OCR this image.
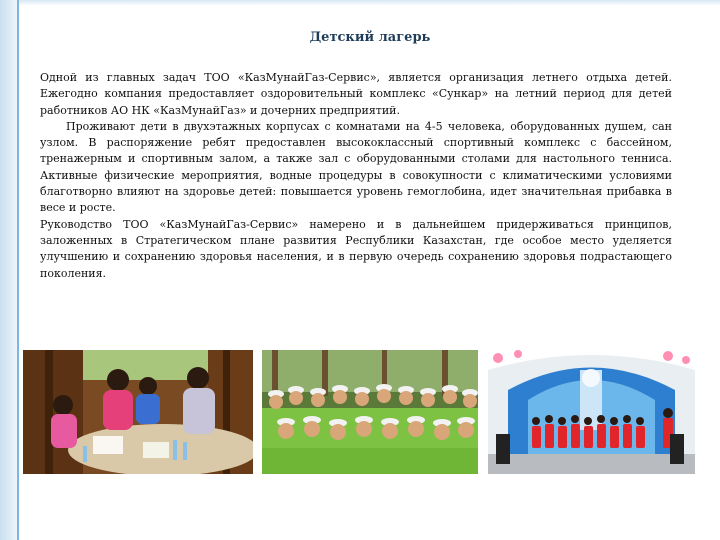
Детский лагерь

Одной из главных задач ТОО «КазМунайГаз-Сервис», является организация летнего отдыха детей. Ежегодно компания предоставляет оздоровительный комплекс «Сункар» на летний период для детей работников АО НК «КазМунайГаз» и дочерних предприятий.

Проживают дети в двухэтажных корпусах с комнатами на 4-5 человека, оборудованных душем, сан узлом. В распоряжение ребят предоставлен высококлассный спортивный комплекс с бассейном, тренажерным и спортивным залом, а также зал с оборудованными столами для настольного тенниса. Активные физические мероприятия, водные процедуры в совокупности с климатическими условиями благотворно влияют на здоровье детей: повышается уровень гемоглобина, идет значительная прибавка в весе и росте.

Руководство ТОО «КазМунайГаз-Сервис» намерено и в дальнейшем придерживаться принципов, заложенных в Стратегическом плане развития Республики Казахстан, где особое место уделяется улучшению и сохранению здоровья населения, и в первую очередь сохранению здоровья подрастающего поколения.
